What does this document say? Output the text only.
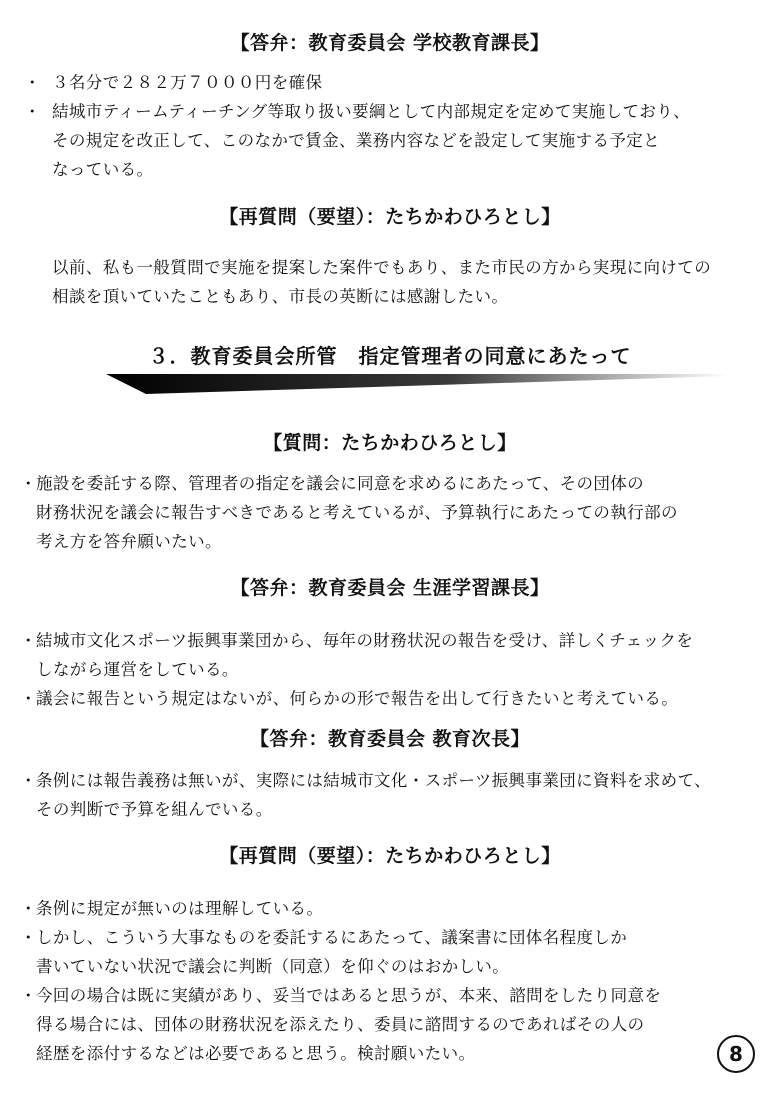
【答弁：教育委員会 学校教育課長】
・ ３名分で２８２万７０００円を確保
・ 結城市ティームティーチング等取り扱い要綱として内部規定を定めて実施しており、
その規定を改正して、このなかで賃金、業務内容などを設定して実施する予定と
なっている。
【再質問（要望）：たちかわひろとし】
以前、私も一般質問で実施を提案した案件でもあり、また市民の方から実現に向けての
相談を頂いていたこともあり、市長の英断には感謝したい。
３．教育委員会所管　指定管理者の同意にあたって
【質問：たちかわひろとし】
・ 施設を委託する際、管理者の指定を議会に同意を求めるにあたって、その団体の
財務状況を議会に報告すべきであると考えているが、予算執行にあたっての執行部の
考え方を答弁願いたい。
【答弁：教育委員会 生涯学習課長】
・ 結城市文化スポーツ振興事業団から、毎年の財務状況の報告を受け、詳しくチェックを
しながら運営をしている。
・ 議会に報告という規定はないが、何らかの形で報告を出して行きたいと考えている。
【答弁：教育委員会 教育次長】
・ 条例には報告義務は無いが、実際には結城市文化・スポーツ振興事業団に資料を求めて、
その判断で予算を組んでいる。
【再質問（要望）：たちかわひろとし】
・ 条例に規定が無いのは理解している。
・ しかし、こういう大事なものを委託するにあたって、議案書に団体名程度しか
書いていない状況で議会に判断（同意）を仰ぐのはおかしい。
・ 今回の場合は既に実績があり、妥当ではあると思うが、本来、諮問をしたり同意を
得る場合には、団体の財務状況を添えたり、委員に諮問するのであればその人の
経歴を添付するなどは必要であると思う。検討願いたい。	8
